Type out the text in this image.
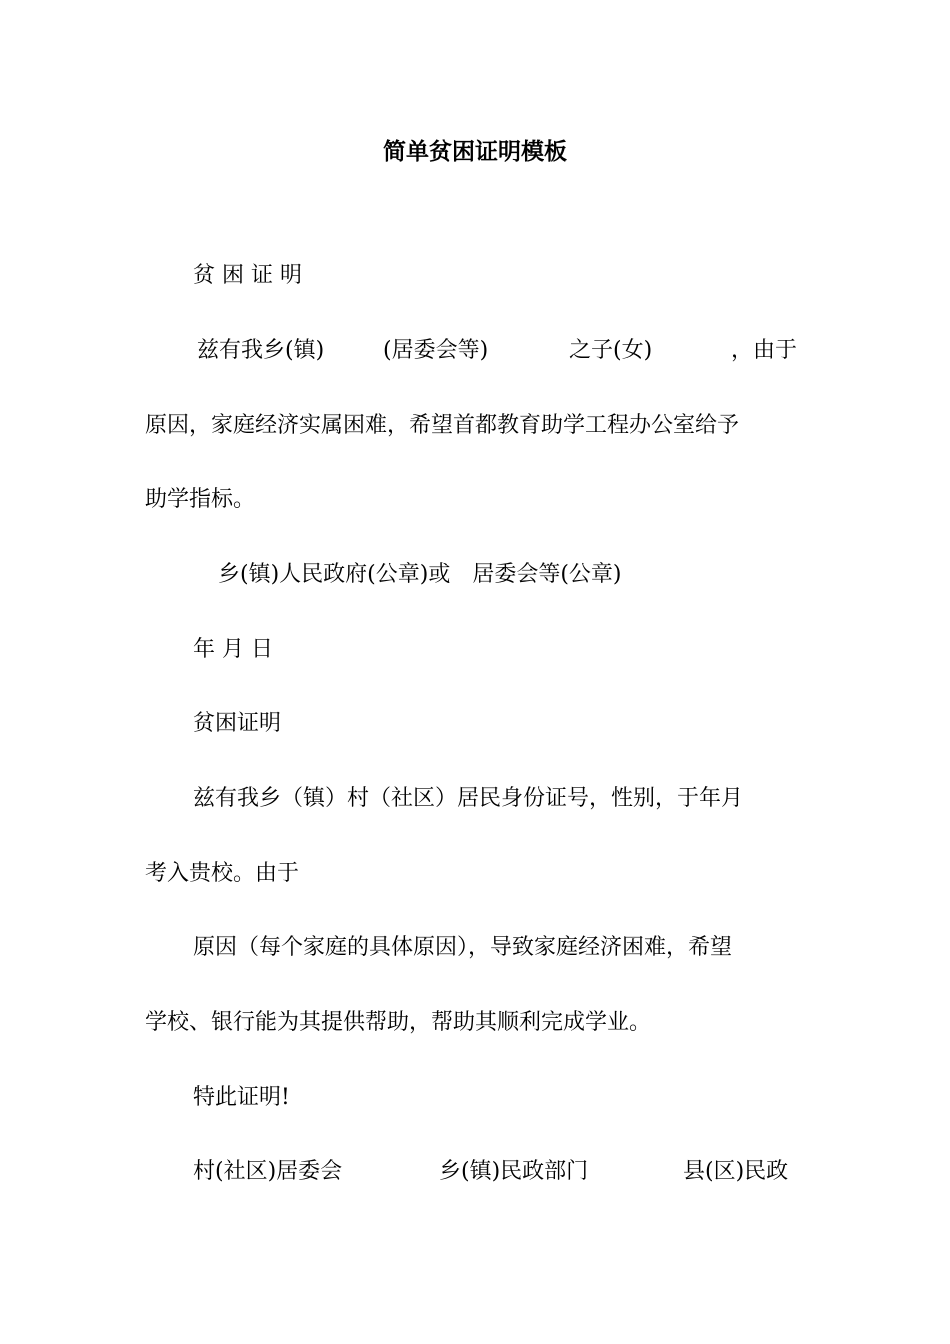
简单贫困证明模板
贫 困 证 明
兹有我乡(镇)	(居委会等)	之子(女)	，由于
原因，家庭经济实属困难，希望首都教育助学工程办公室给予
助学指标。
乡(镇)人民政府(公章)或　居委会等(公章)
年 月 日
贫困证明
兹有我乡（镇）村（社区）居民身份证号，性别，于年月
考入贵校。由于
原因（每个家庭的具体原因），导致家庭经济困难，希望
学校、银行能为其提供帮助，帮助其顺利完成学业。
特此证明!
村(社区)居委会	乡(镇)民政部门	县(区)民政
